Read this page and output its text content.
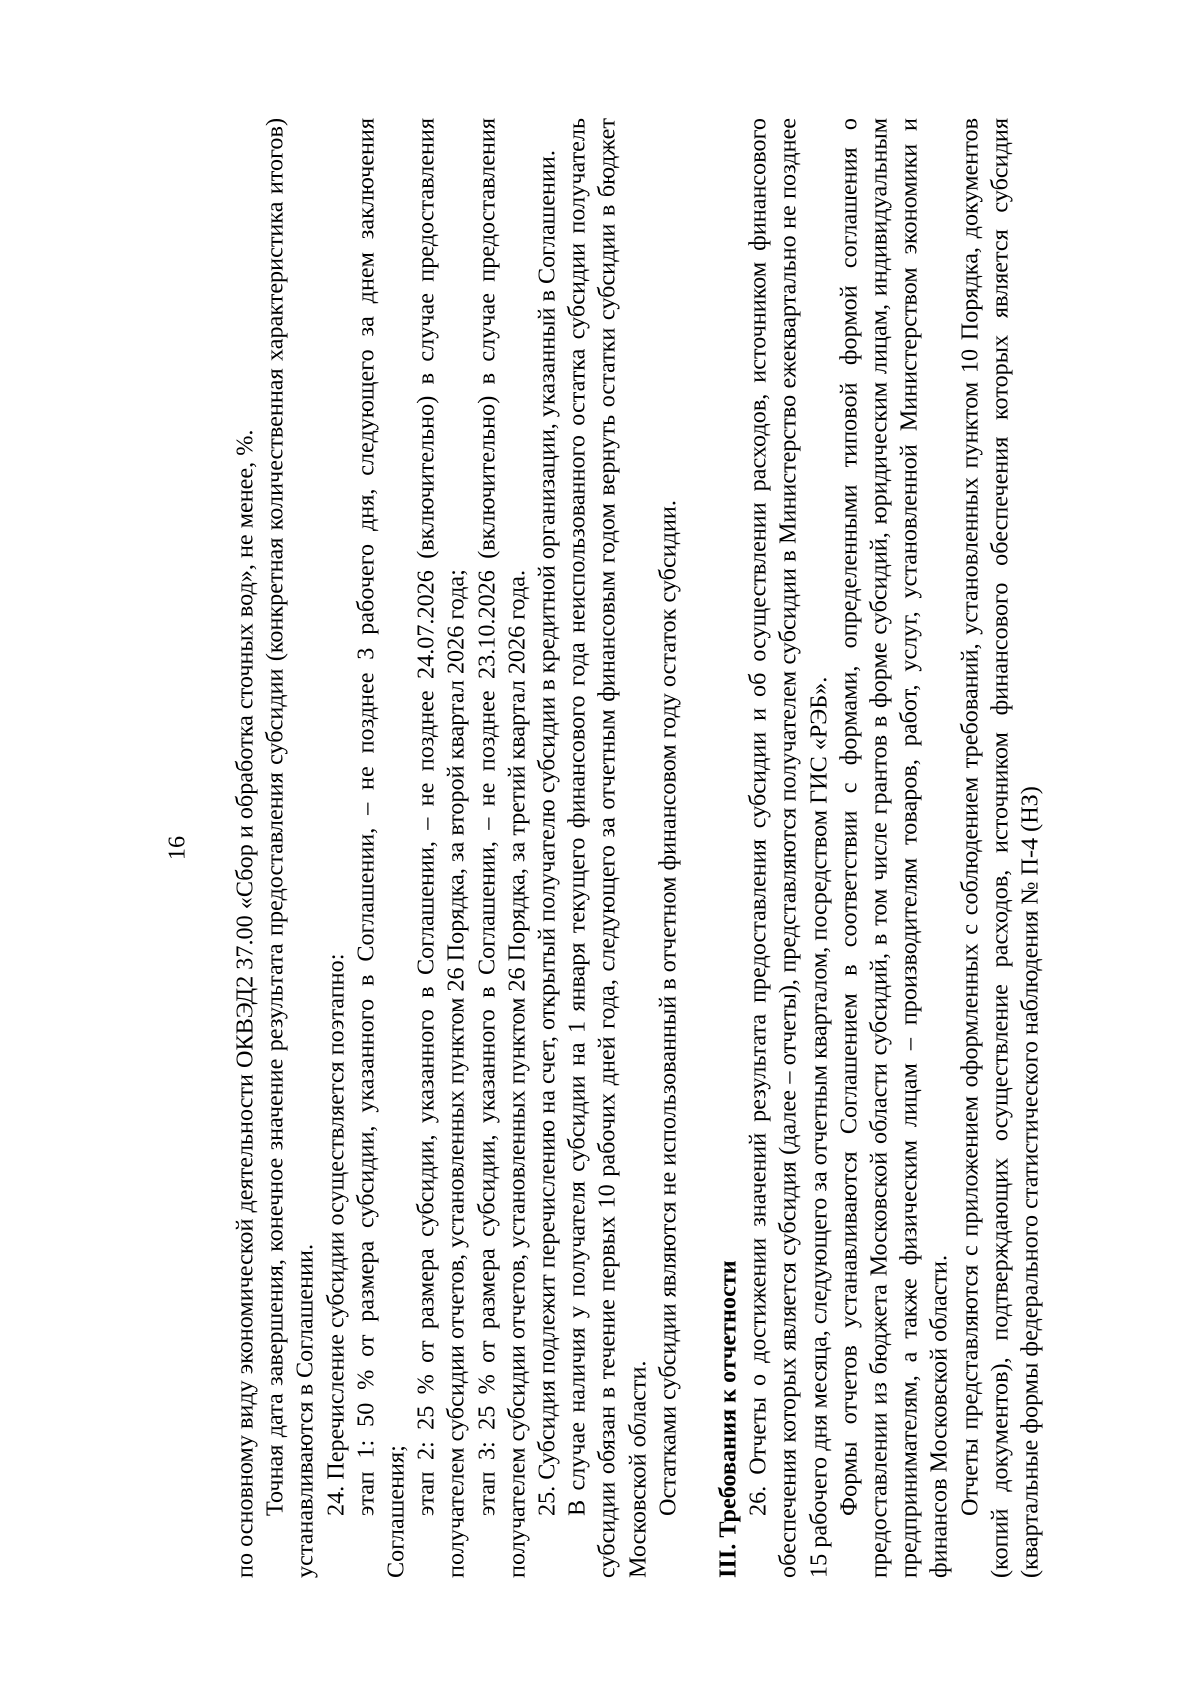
16 по основному виду экономической деятельности ОКВЭД2 37.00 «Сбор и обработка сточных вод», не менее, %. Точная дата завершения, конечное значение результата предоставления субсидии (конкретная количественная характеристика итогов) устанавливаются в Соглашении. 24. Перечисление субсидии осуществляется поэтапно: этап 1: 50 % от размера субсидии, указанного в Соглашении, – не позднее 3 рабочего дня, следующего за днем заключения Соглашения; этап 2: 25 % от размера субсидии, указанного в Соглашении, – не позднее 24.07.2026 (включительно) в случае предоставления получателем субсидии отчетов, установленных пунктом 26 Порядка, за второй квартал 2026 года; этап 3: 25 % от размера субсидии, указанного в Соглашении, – не позднее 23.10.2026 (включительно) в случае предоставления получателем субсидии отчетов, установленных пунктом 26 Порядка, за третий квартал 2026 года. 25. Субсидия подлежит перечислению на счет, открытый получателю субсидии в кредитной организации, указанный в Соглашении. В случае наличия у получателя субсидии на 1 января текущего финансового года неиспользованного остатка субсидии получатель субсидии обязан в течение первых 10 рабочих дней года, следующего за отчетным финансовым годом вернуть остатки субсидии в бюджет Московской области. Остатками субсидии являются не использованный в отчетном финансовом году остаток субсидии. III. Требования к отчетности 26. Отчеты о достижении значений результата предоставления субсидии и об осуществлении расходов, источником финансового обеспечения которых является субсидия (далее – отчеты), представляются получателем субсидии в Министерство ежеквартально не позднее 15 рабочего дня месяца, следующего за отчетным кварталом, посредством ГИС «РЭБ». Формы отчетов устанавливаются Соглашением в соответствии с формами, определенными типовой формой соглашения о предоставлении из бюджета Московской области субсидий, в том числе грантов в форме субсидий, юридическим лицам, индивидуальным предпринимателям, а также физическим лицам – производителям товаров, работ, услуг, установленной Министерством экономики и финансов Московской области. Отчеты представляются с приложением оформленных с соблюдением требований, установленных пунктом 10 Порядка, документов (копий документов), подтверждающих осуществление расходов, источником финансового обеспечения которых является субсидия (квартальные формы федерального статистического наблюдения № П-4 (НЗ)
